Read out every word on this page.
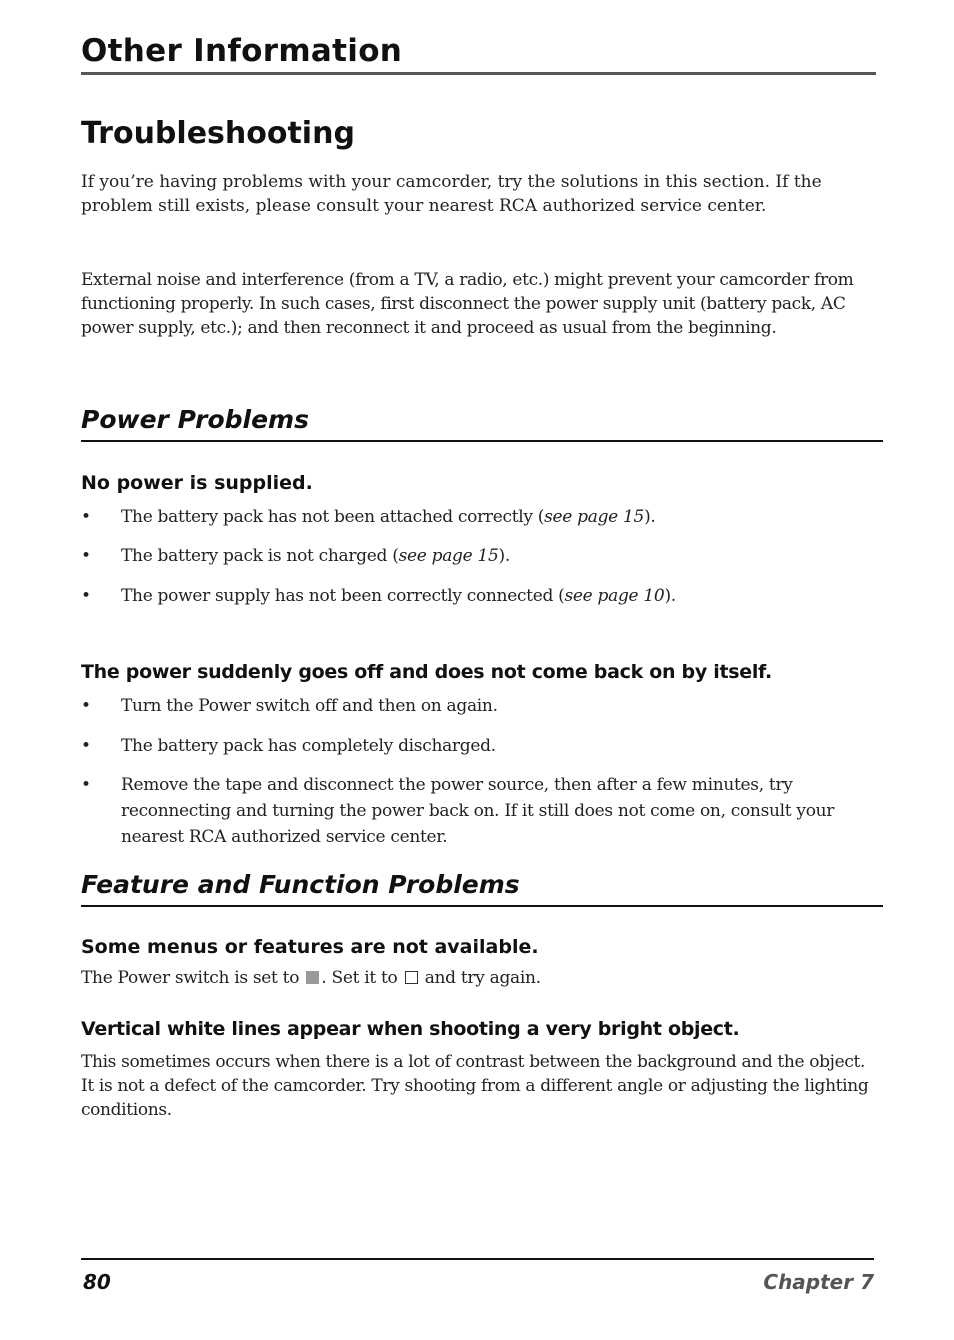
Other Information
Troubleshooting
If you’re having problems with your camcorder, try the solutions in this section. If the problem still exists, please consult your nearest RCA authorized service center.
External noise and interference (from a TV, a radio, etc.) might prevent your camcorder from functioning properly. In such cases, first disconnect the power supply unit (battery pack, AC power supply, etc.); and then reconnect it and proceed as usual from the beginning.
Power Problems
No power is supplied.
• The battery pack has not been attached correctly (see page 15).
• The battery pack is not charged (see page 15).
• The power supply has not been correctly connected (see page 10).
The power suddenly goes off and does not come back on by itself.
• Turn the Power switch off and then on again.
• The battery pack has completely discharged.
• Remove the tape and disconnect the power source, then after a few minutes, try reconnecting and turning the power back on. If it still does not come on, consult your nearest RCA authorized service center.
Feature and Function Problems
Some menus or features are not available.
The Power switch is set to . Set it to and try again.
Vertical white lines appear when shooting a very bright object.
This sometimes occurs when there is a lot of contrast between the background and the object. It is not a defect of the camcorder. Try shooting from a different angle or adjusting the lighting conditions.
80	Chapter 7
